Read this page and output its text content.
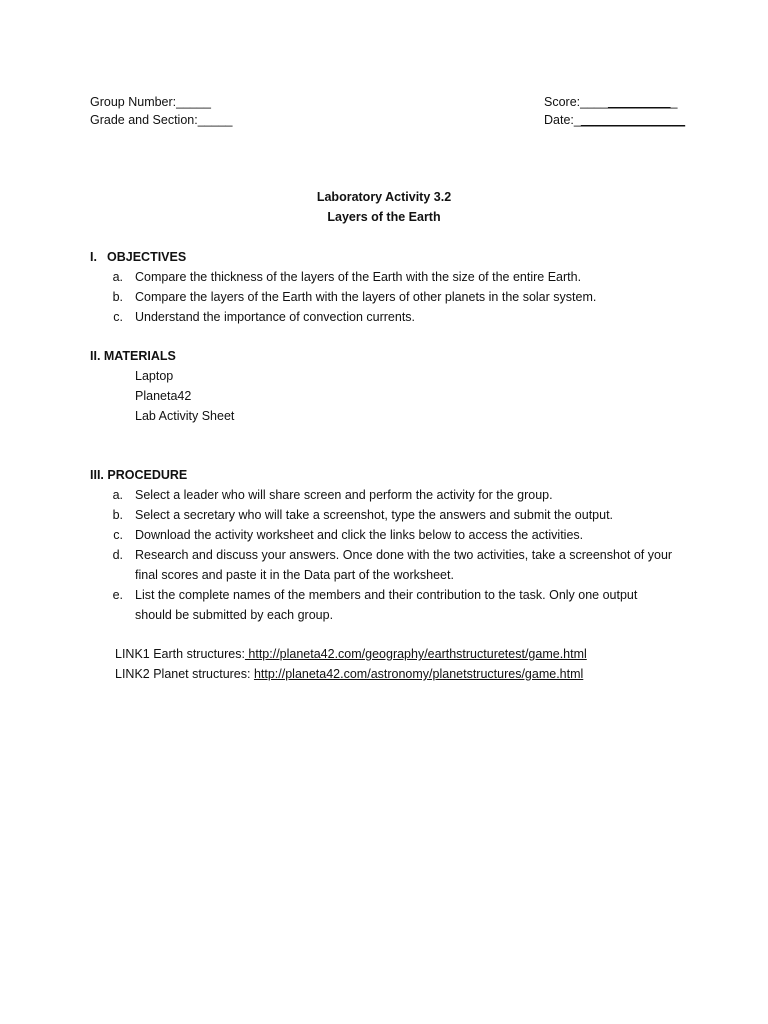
Group Number:_____
Grade and Section:_____
Score:______________
Date:________________
Laboratory Activity 3.2
Layers of the Earth
I. OBJECTIVES
a. Compare the thickness of the layers of the Earth with the size of the entire Earth.
b. Compare the layers of the Earth with the layers of other planets in the solar system.
c. Understand the importance of convection currents.
II. MATERIALS
Laptop
Planeta42
Lab Activity Sheet
III. PROCEDURE
a. Select a leader who will share screen and perform the activity for the group.
b. Select a secretary who will take a screenshot, type the answers and submit the output.
c. Download the activity worksheet and click the links below to access the activities.
d. Research and discuss your answers. Once done with the two activities, take a screenshot of your
final scores and paste it in the Data part of the worksheet.
e. List the complete names of the members and their contribution to the task. Only one output
should be submitted by each group.
LINK1 Earth structures: http://planeta42.com/geography/earthstructuretest/game.html
LINK2 Planet structures: http://planeta42.com/astronomy/planetstructures/game.html
